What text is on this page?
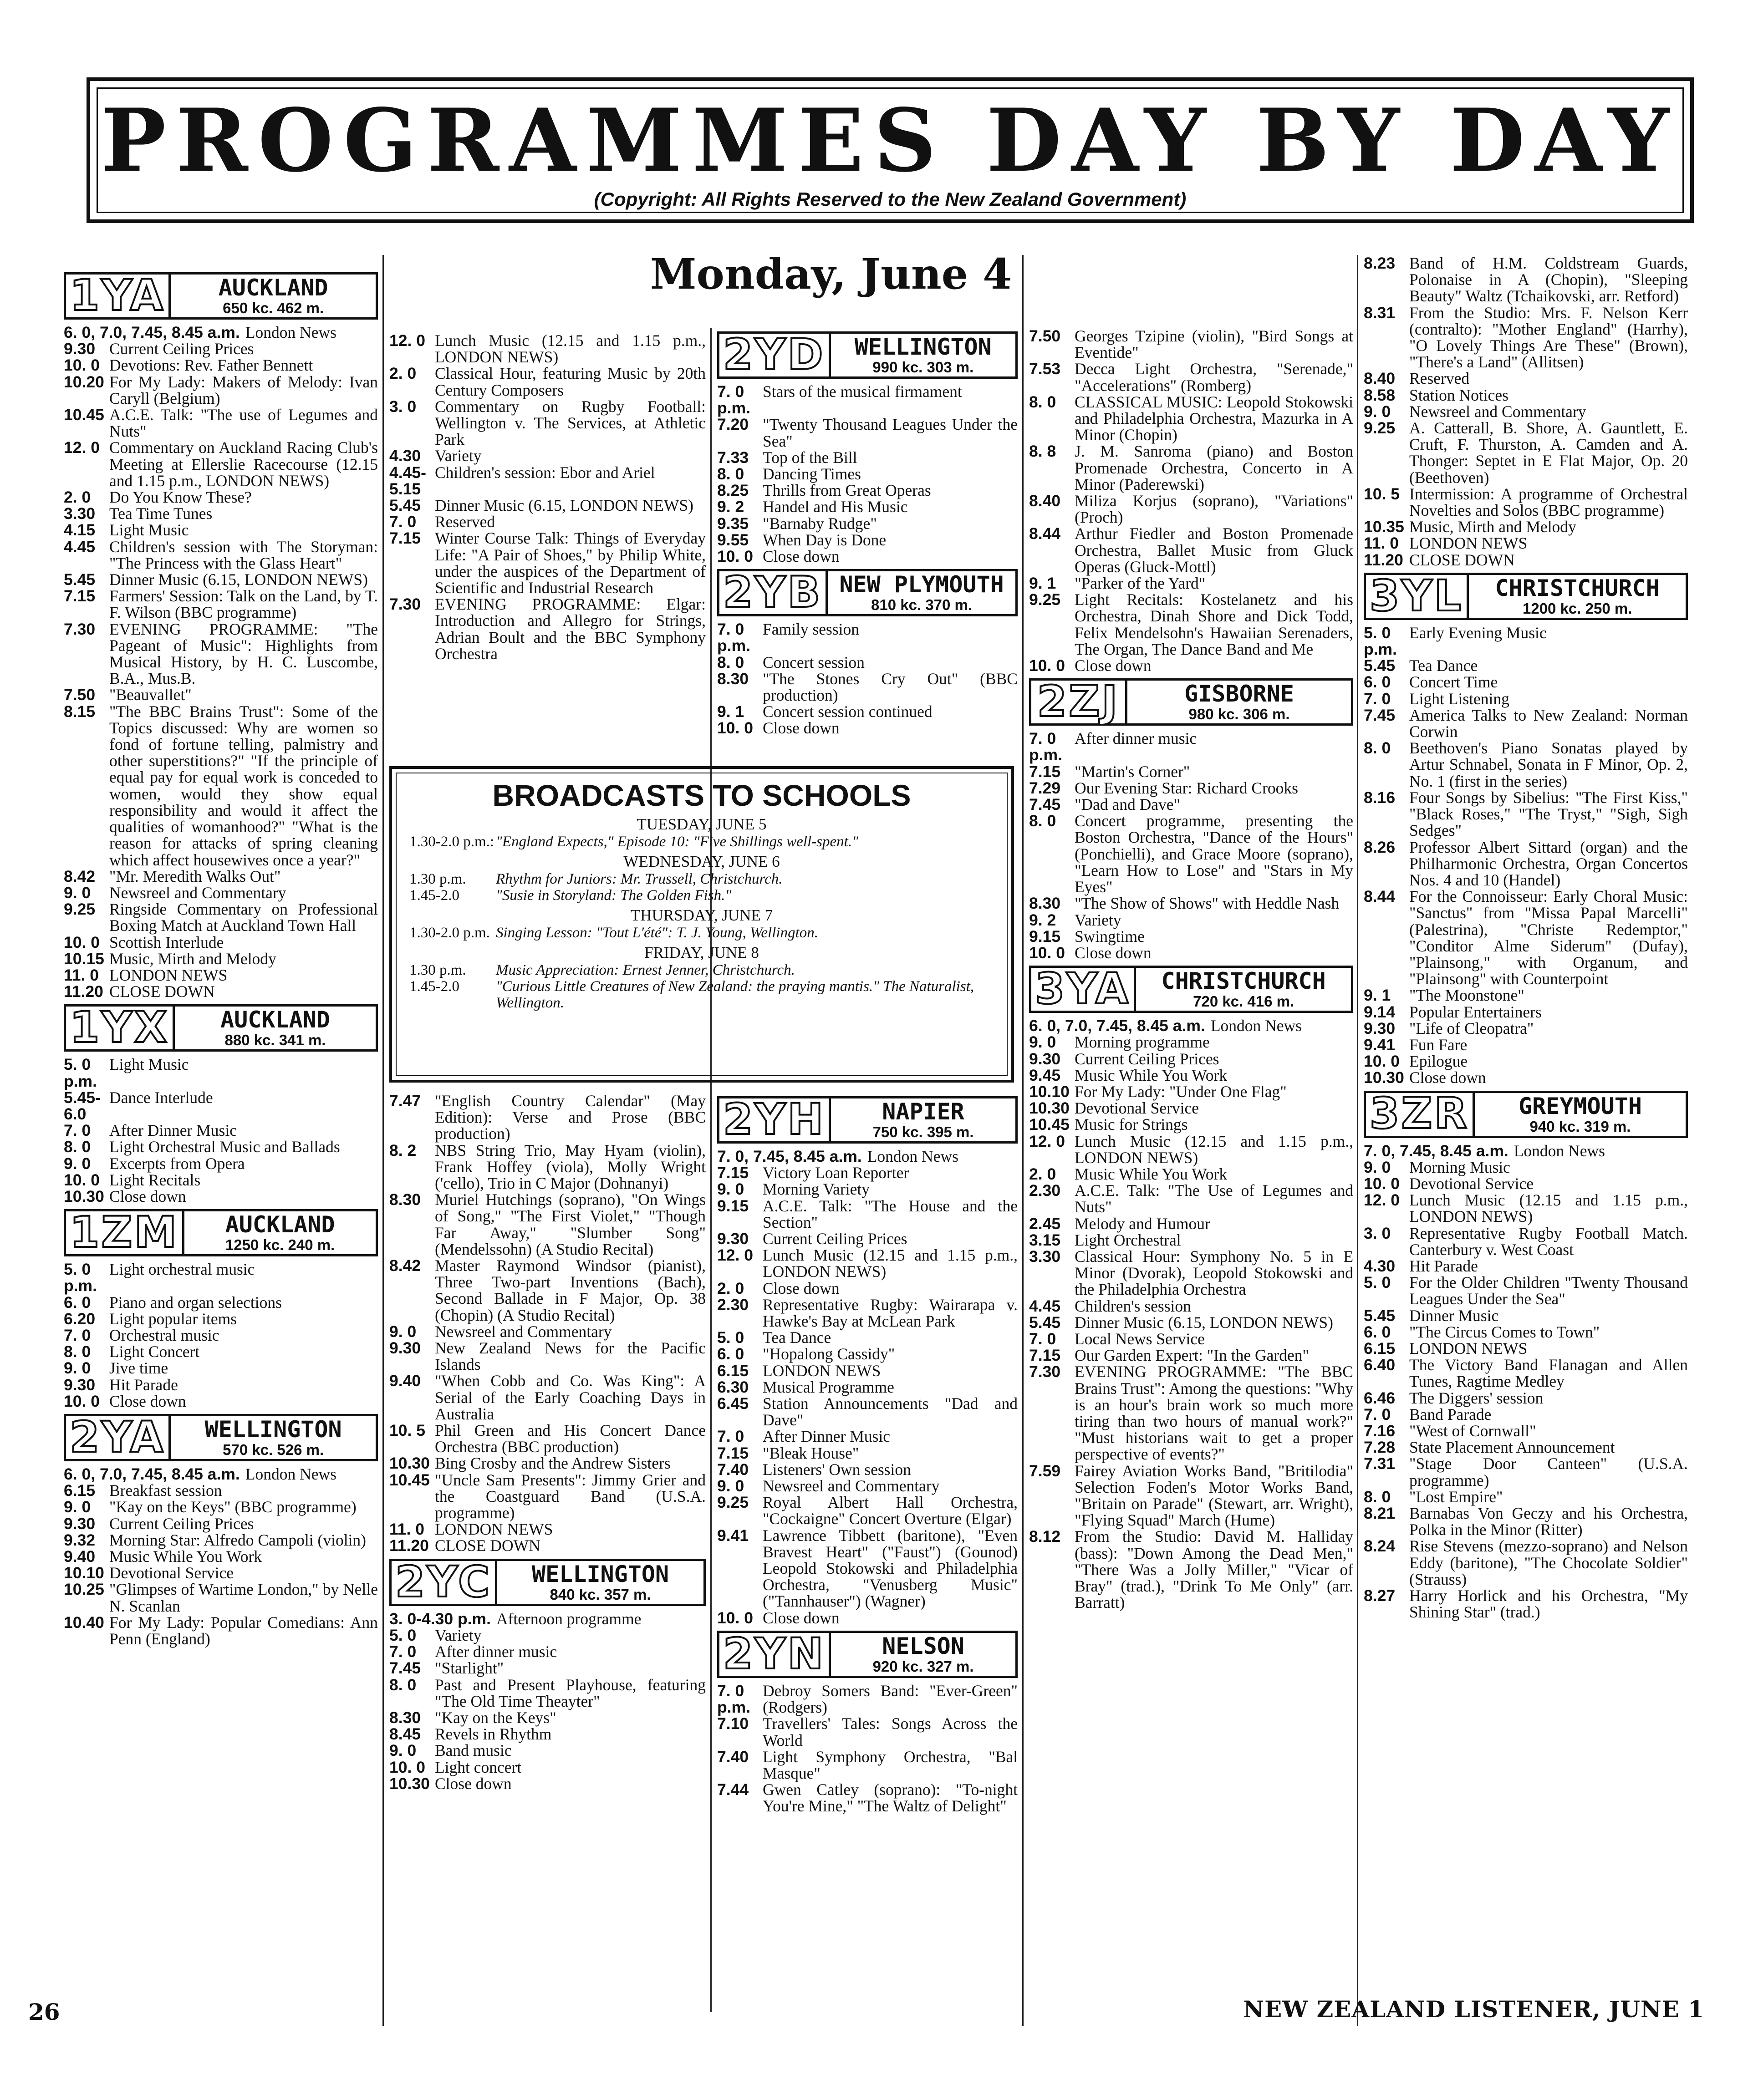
PROGRAMMES DAY BY DAY
(Copyright: All Rights Reserved to the New Zealand Government)
Monday, June 4
1YA AUCKLAND
650 kc. 462 m.
6. 0, 7.0, 7.45, 8.45 a.m. London News
9.30 Current Ceiling Prices
10. 0 Devotions: Rev. Father Bennett
10.20 For My Lady: Makers of Melody: Ivan Caryll (Belgium)
10.45 A.C.E. Talk: "The use of Legumes and Nuts"
12. 0 Commentary on Auckland Racing Club's Meeting at Ellerslie Racecourse (12.15 and 1.15 p.m., LONDON NEWS)
2. 0	Do You Know These?
3.30 Tea Time Tunes
4.15 Light Music
4.45 Children's session with The Storyman: "The Princess with the Glass Heart"
5.45 Dinner Music (6.15, LONDON NEWS)
7.15 Farmers' Session: Talk on the Land, by T. F. Wilson (BBC programme)
7.30 EVENING PROGRAMME: "The Pageant of Music": Highlights from Musical History, by H. C. Luscombe, B.A., Mus.B.
7.50 "Beauvallet"
8.15 "The BBC Brains Trust": Some of the Topics discussed: Why are women so fond of fortune telling, palmistry and other superstitions?" "If the principle of equal pay for equal work is conceded to women, would they show equal responsibility and would it affect the qualities of womanhood?" "What is the reason for attacks of spring cleaning which affect housewives once a year?"
8.42 "Mr. Meredith Walks Out"
9. 0	Newsreel and Commentary
9.25 Ringside Commentary on Professional Boxing Match at Auckland Town Hall
10. 0 Scottish Interlude
10.15 Music, Mirth and Melody
11. 0 LONDON NEWS
11.20 CLOSE DOWN
1YX AUCKLAND
880 kc. 341 m.
5. 0 p.m.
Light Music
5.45-6.0
Dance Interlude
7. 0	After Dinner Music
8. 0	Light Orchestral Music and Ballads
9. 0	Excerpts from Opera
10. 0 Light Recitals
10.30 Close down
1ZM AUCKLAND
1250 kc. 240 m.
5. 0 p.m.
Light orchestral music
6. 0	Piano and organ selections
6.20 Light popular items
7. 0	Orchestral music
8. 0	Light Concert
9. 0	Jive time
9.30 Hit Parade
10. 0 Close down
2YA WELLINGTON
570 kc. 526 m.
6. 0, 7.0, 7.45, 8.45 a.m. London News
6.15 Breakfast session
9. 0	"Kay on the Keys" (BBC programme)
9.30 Current Ceiling Prices
9.32 Morning Star: Alfredo Campoli (violin)
9.40 Music While You Work
10.10 Devotional Service
10.25 "Glimpses of Wartime London," by Nelle N. Scanlan
10.40 For My Lady: Popular Comedians: Ann Penn (England)
12. 0 Lunch Music (12.15 and 1.15 p.m., LONDON NEWS)
2. 0	Classical Hour, featuring Music by 20th Century Composers
3. 0	Commentary on Rugby Football: Wellington v. The Services, at Athletic Park
4.30 Variety
4.45-5.15
Children's session: Ebor and Ariel
5.45 Dinner Music (6.15, LONDON NEWS)
7. 0	Reserved
7.15 Winter Course Talk: Things of Everyday Life: "A Pair of Shoes," by Philip White, under the auspices of the Department of Scientific and Industrial Research
7.30 EVENING PROGRAMME: Elgar: Introduction and Allegro for Strings, Adrian Boult and the BBC Symphony Orchestra
7.47 "English Country Calendar" (May Edition): Verse and Prose (BBC production)
8. 2	NBS String Trio, May Hyam (violin), Frank Hoffey (viola), Molly Wright ('cello), Trio in C Major (Dohnanyi)
8.30 Muriel Hutchings (soprano), "On Wings of Song," "The First Violet," "Though Far Away," "Slumber Song" (Mendelssohn) (A Studio Recital)
8.42 Master Raymond Windsor (pianist), Three Two-part Inventions (Bach), Second Ballade in F Major, Op. 38 (Chopin) (A Studio Recital)
9. 0	Newsreel and Commentary
9.30 New Zealand News for the Pacific Islands
9.40 "When Cobb and Co. Was King": A Serial of the Early Coaching Days in Australia
10. 5 Phil Green and His Concert Dance Orchestra (BBC production)
10.30 Bing Crosby and the Andrew Sisters
10.45 "Uncle Sam Presents": Jimmy Grier and the Coastguard Band (U.S.A. programme)
11. 0 LONDON NEWS
11.20 CLOSE DOWN
2YC WELLINGTON
840 kc. 357 m.
3. 0-4.30 p.m. Afternoon programme
5. 0	Variety
7. 0	After dinner music
7.45 "Starlight"
8. 0	Past and Present Playhouse, featuring "The Old Time Theayter"
8.30 "Kay on the Keys"
8.45 Revels in Rhythm
9. 0	Band music
10. 0 Light concert
10.30 Close down
2YD WELLINGTON
990 kc. 303 m.
7. 0 p.m.
Stars of the musical firmament
7.20 "Twenty Thousand Leagues Under the Sea"
7.33 Top of the Bill
8. 0	Dancing Times
8.25 Thrills from Great Operas
9. 2	Handel and His Music
9.35 "Barnaby Rudge"
9.55 When Day is Done
10. 0 Close down
2YB NEW PLYMOUTH
810 kc. 370 m.
7. 0 p.m.
Family session
8. 0	Concert session
8.30 "The Stones Cry Out" (BBC production)
9. 1	Concert session continued
10. 0 Close down
2YH	NAPIER
750 kc. 395 m.
7. 0, 7.45, 8.45 a.m. London News
7.15 Victory Loan Reporter
9. 0	Morning Variety
9.15 A.C.E. Talk: "The House and the Section"
9.30 Current Ceiling Prices
12. 0 Lunch Music (12.15 and 1.15 p.m., LONDON NEWS)
2. 0	Close down
2.30 Representative Rugby: Wairarapa v. Hawke's Bay at McLean Park
5. 0	Tea Dance
6. 0	"Hopalong Cassidy"
6.15 LONDON NEWS
6.30 Musical Programme
6.45 Station Announcements "Dad and Dave"
7. 0	After Dinner Music
7.15 "Bleak House"
7.40 Listeners' Own session
9. 0	Newsreel and Commentary
9.25 Royal Albert Hall Orchestra, "Cockaigne" Concert Overture (Elgar)
9.41 Lawrence Tibbett (baritone), "Even Bravest Heart" ("Faust") (Gounod) Leopold Stokowski and Philadelphia Orchestra, "Venusberg Music" ("Tannhauser") (Wagner)
10. 0 Close down
2YN	NELSON
920 kc. 327 m.
7. 0 p.m.
Debroy Somers Band: "Ever-Green" (Rodgers)
7.10 Travellers' Tales: Songs Across the World
7.40 Light Symphony Orchestra, "Bal Masque"
7.44 Gwen Catley (soprano): "To-night You're Mine," "The Waltz of Delight"
7.50 Georges Tzipine (violin), "Bird Songs at Eventide"
7.53 Decca Light Orchestra, "Serenade," "Accelerations" (Romberg)
8. 0	CLASSICAL MUSIC: Leopold Stokowski and Philadelphia Orchestra, Mazurka in A Minor (Chopin)
8. 8	J. M. Sanroma (piano) and Boston Promenade Orchestra, Concerto in A Minor (Paderewski)
8.40 Miliza Korjus (soprano), "Variations" (Proch)
8.44 Arthur Fiedler and Boston Promenade Orchestra, Ballet Music from Gluck Operas (Gluck-Mottl)
9. 1	"Parker of the Yard"
9.25 Light Recitals: Kostelanetz and his Orchestra, Dinah Shore and Dick Todd, Felix Mendelsohn's Hawaiian Serenaders, The Organ, The Dance Band and Me
10. 0 Close down
2ZJ	GISBORNE
980 kc. 306 m.
7. 0 p.m.
After dinner music
7.15 "Martin's Corner"
7.29 Our Evening Star: Richard Crooks
7.45 "Dad and Dave"
8. 0	Concert programme, presenting the Boston Orchestra, "Dance of the Hours" (Ponchielli), and Grace Moore (soprano), "Learn How to Lose" and "Stars in My Eyes"
8.30 "The Show of Shows" with Heddle Nash
9. 2	Variety
9.15 Swingtime
10. 0 Close down
3YA CHRISTCHURCH
720 kc. 416 m.
6. 0, 7.0, 7.45, 8.45 a.m. London News
9. 0	Morning programme
9.30 Current Ceiling Prices
9.45 Music While You Work
10.10 For My Lady: "Under One Flag"
10.30 Devotional Service
10.45 Music for Strings
12. 0 Lunch Music (12.15 and 1.15 p.m., LONDON NEWS)
2. 0	Music While You Work
2.30 A.C.E. Talk: "The Use of Legumes and Nuts"
2.45 Melody and Humour
3.15 Light Orchestral
3.30 Classical Hour: Symphony No. 5 in E Minor (Dvorak), Leopold Stokowski and the Philadelphia Orchestra
4.45 Children's session
5.45 Dinner Music (6.15, LONDON NEWS)
7. 0	Local News Service
7.15 Our Garden Expert: "In the Garden"
7.30 EVENING PROGRAMME: "The BBC Brains Trust": Among the questions: "Why is an hour's brain work so much more tiring than two hours of manual work?" "Must historians wait to get a proper perspective of events?"
7.59 Fairey Aviation Works Band, "Britilodia" Selection Foden's Motor Works Band, "Britain on Parade" (Stewart, arr. Wright), "Flying Squad" March (Hume)
8.12 From the Studio: David M. Halliday (bass): "Down Among the Dead Men," "There Was a Jolly Miller," "Vicar of Bray" (trad.), "Drink To Me Only" (arr. Barratt)
8.23 Band of H.M. Coldstream Guards, Polonaise in A (Chopin), "Sleeping Beauty" Waltz (Tchaikovski, arr. Retford)
8.31 From the Studio: Mrs. F. Nelson Kerr (contralto): "Mother England" (Harrhy), "O Lovely Things Are These" (Brown), "There's a Land" (Allitsen)
8.40 Reserved
8.58 Station Notices
9. 0	Newsreel and Commentary
9.25 A. Catterall, B. Shore, A. Gauntlett, E. Cruft, F. Thurston, A. Camden and A. Thonger: Septet in E Flat Major, Op. 20 (Beethoven)
10. 5 Intermission: A programme of Orchestral Novelties and Solos (BBC programme)
10.35 Music, Mirth and Melody
11. 0 LONDON NEWS
11.20 CLOSE DOWN
3YL CHRISTCHURCH
1200 kc. 250 m.
5. 0 p.m.
Early Evening Music
5.45 Tea Dance
6. 0	Concert Time
7. 0	Light Listening
7.45 America Talks to New Zealand: Norman Corwin
8. 0	Beethoven's Piano Sonatas played by Artur Schnabel, Sonata in F Minor, Op. 2, No. 1 (first in the series)
8.16 Four Songs by Sibelius: "The First Kiss," "Black Roses," "The Tryst," "Sigh, Sigh Sedges"
8.26 Professor Albert Sittard (organ) and the Philharmonic Orchestra, Organ Concertos Nos. 4 and 10 (Handel)
8.44 For the Connoisseur: Early Choral Music: "Sanctus" from "Missa Papal Marcelli" (Palestrina), "Christe Redemptor," "Conditor Alme Siderum" (Dufay), "Plainsong," with Organum, and "Plainsong" with Counterpoint
9. 1	"The Moonstone"
9.14 Popular Entertainers
9.30 "Life of Cleopatra"
9.41 Fun Fare
10. 0 Epilogue
10.30 Close down
3ZR GREYMOUTH
940 kc. 319 m.
7. 0, 7.45, 8.45 a.m. London News
9. 0	Morning Music
10. 0 Devotional Service
12. 0 Lunch Music (12.15 and 1.15 p.m., LONDON NEWS)
3. 0	Representative Rugby Football Match. Canterbury v. West Coast
4.30 Hit Parade
5. 0	For the Older Children "Twenty Thousand Leagues Under the Sea"
5.45 Dinner Music
6. 0	"The Circus Comes to Town"
6.15 LONDON NEWS
6.40 The Victory Band Flanagan and Allen Tunes, Ragtime Medley
6.46 The Diggers' session
7. 0	Band Parade
7.16 "West of Cornwall"
7.28 State Placement Announcement
7.31 "Stage Door Canteen" (U.S.A. programme)
8. 0	"Lost Empire"
8.21 Barnabas Von Geczy and his Orchestra, Polka in the Minor (Ritter)
8.24 Rise Stevens (mezzo-soprano) and Nelson Eddy (baritone), "The Chocolate Soldier" (Strauss)
8.27 Harry Horlick and his Orchestra, "My Shining Star" (trad.)
BROADCASTS TO SCHOOLS
TUESDAY, JUNE 5
1.30-2.0 p.m.: "England Expects," Episode 10: "Five Shillings well-spent."
WEDNESDAY, JUNE 6
1.30 p.m.	Rhythm for Juniors: Mr. Trussell, Christchurch.
1.45-2.0	"Susie in Storyland: The Golden Fish."
THURSDAY, JUNE 7
1.30-2.0 p.m. Singing Lesson: "Tout L'été": T. J. Young, Wellington.
FRIDAY, JUNE 8
1.30 p.m.	Music Appreciation: Ernest Jenner, Christchurch.
1.45-2.0	"Curious Little Creatures of New Zealand: the praying mantis." The Naturalist, Wellington.
26	NEW ZEALAND LISTENER, JUNE 1
